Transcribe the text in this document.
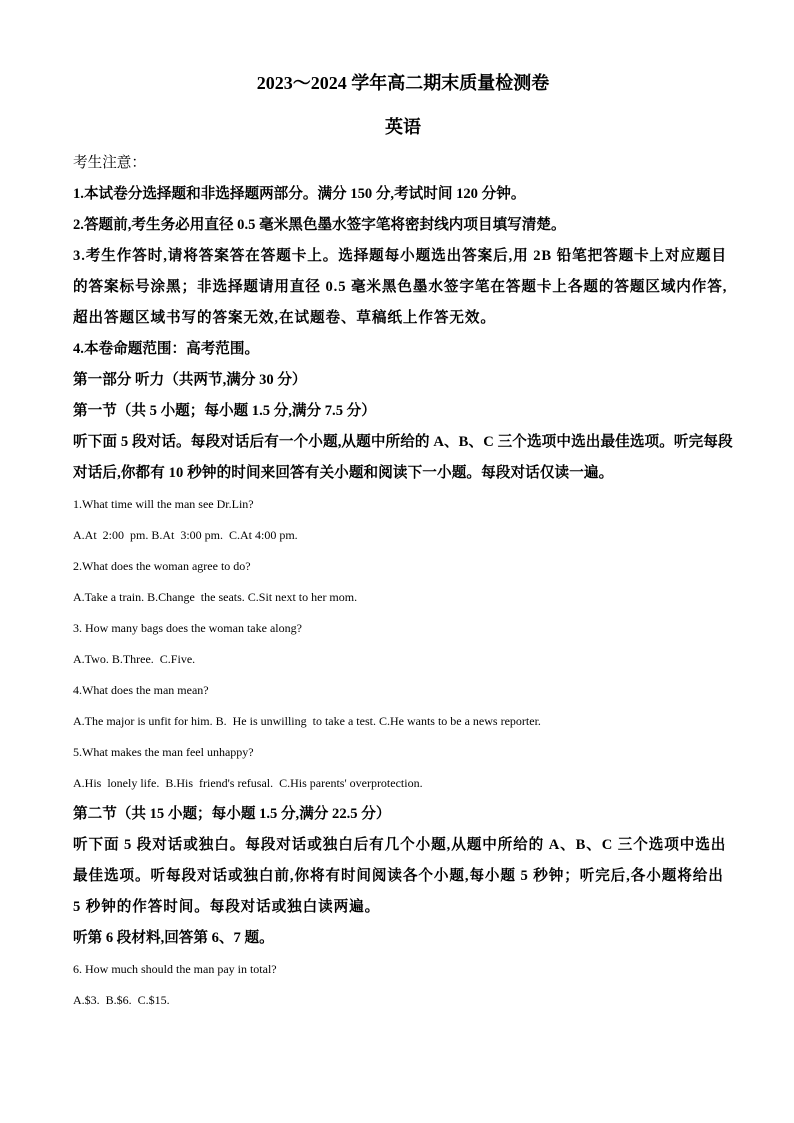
2023～2024 学年高二期末质量检测卷
英语

考生注意：

1.本试卷分选择题和非选择题两部分。满分 150 分,考试时间 120 分钟。

2.答题前,考生务必用直径 0.5 毫米黑色墨水签字笔将密封线内项目填写清楚。

3.考生作答时,请将答案答在答题卡上。选择题每小题选出答案后,用 2B 铅笔把答题卡上对应题目的答案标号涂黑；非选择题请用直径 0.5 毫米黑色墨水签字笔在答题卡上各题的答题区域内作答,超出答题区域书写的答案无效,在试题卷、草稿纸上作答无效。

4.本卷命题范围：高考范围。

第一部分 听力（共两节,满分 30 分）

第一节（共 5 小题；每小题 1.5 分,满分 7.5 分）

听下面 5 段对话。每段对话后有一个小题,从题中所给的 A、B、C 三个选项中选出最佳选项。听完每段对话后,你都有 10 秒钟的时间来回答有关小题和阅读下一小题。每段对话仅读一遍。

1.What time will the man see Dr.Lin?

A.At  2:00  pm. B.At  3:00 pm.  C.At 4:00 pm.

2.What does the woman agree to do?

A.Take a train. B.Change  the seats. C.Sit next to her mom.

3. How many bags does the woman take along?

A.Two. B.Three.  C.Five.

4.What does the man mean?

A.The major is unfit for him. B.  He is unwilling  to take a test. C.He wants to be a news reporter.

5.What makes the man feel unhappy?

A.His  lonely life.  B.His  friend's refusal.  C.His parents' overprotection.

第二节（共 15 小题；每小题 1.5 分,满分 22.5 分）

听下面 5 段对话或独白。每段对话或独白后有几个小题,从题中所给的 A、B、C 三个选项中选出最佳选项。听每段对话或独白前,你将有时间阅读各个小题,每小题 5 秒钟；听完后,各小题将给出 5 秒钟的作答时间。每段对话或独白读两遍。

听第 6 段材料,回答第 6、7 题。

6. How much should the man pay in total?

A.$3.  B.$6.  C.$15.
